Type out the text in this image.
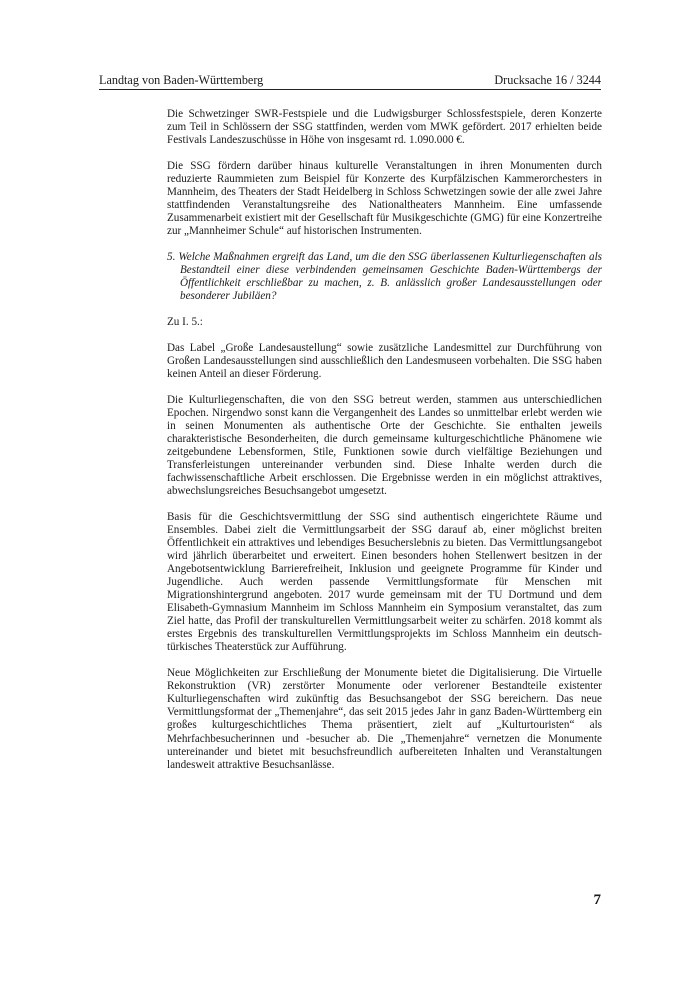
Landtag von Baden-Württemberg	Drucksache 16 / 3244

Die Schwetzinger SWR-Festspiele und die Ludwigsburger Schlossfestspiele, deren Konzerte zum Teil in Schlössern der SSG stattfinden, werden vom MWK gefördert. 2017 erhielten beide Festivals Landeszuschüsse in Höhe von insgesamt rd. 1.090.000 €.

Die SSG fördern darüber hinaus kulturelle Veranstaltungen in ihren Monumenten durch reduzierte Raummieten zum Beispiel für Konzerte des Kurpfälzischen Kammerorchesters in Mannheim, des Theaters der Stadt Heidelberg in Schloss Schwetzingen sowie der alle zwei Jahre stattfindenden Veranstaltungsreihe des Nationaltheaters Mannheim. Eine umfassende Zusammenarbeit existiert mit der Gesellschaft für Musikgeschichte (GMG) für eine Konzertreihe zur „Mannheimer Schule“ auf historischen Instrumenten.

5. Welche Maßnahmen ergreift das Land, um die den SSG überlassenen Kulturliegenschaften als Bestandteil einer diese verbindenden gemeinsamen Geschichte Baden-Württembergs der Öffentlichkeit erschließbar zu machen, z. B. anlässlich großer Landesausstellungen oder besonderer Jubiläen?

Zu I. 5.:

Das Label „Große Landesaustellung“ sowie zusätzliche Landesmittel zur Durchführung von Großen Landesausstellungen sind ausschließlich den Landesmuseen vorbehalten. Die SSG haben keinen Anteil an dieser Förderung.

Die Kulturliegenschaften, die von den SSG betreut werden, stammen aus unterschiedlichen Epochen. Nirgendwo sonst kann die Vergangenheit des Landes so unmittelbar erlebt werden wie in seinen Monumenten als authentische Orte der Geschichte. Sie enthalten jeweils charakteristische Besonderheiten, die durch gemeinsame kulturgeschichtliche Phänomene wie zeitgebundene Lebensformen, Stile, Funktionen sowie durch vielfältige Beziehungen und Transferleistungen untereinander verbunden sind. Diese Inhalte werden durch die fachwissenschaftliche Arbeit erschlossen. Die Ergebnisse werden in ein möglichst attraktives, abwechslungsreiches Besuchsangebot umgesetzt.

Basis für die Geschichtsvermittlung der SSG sind authentisch eingerichtete Räume und Ensembles. Dabei zielt die Vermittlungsarbeit der SSG darauf ab, einer möglichst breiten Öffentlichkeit ein attraktives und lebendiges Besucherslebnis zu bieten. Das Vermittlungsangebot wird jährlich überarbeitet und erweitert. Einen besonders hohen Stellenwert besitzen in der Angebotsentwicklung Barrierefreiheit, Inklusion und geeignete Programme für Kinder und Jugendliche. Auch werden passende Vermittlungsformate für Menschen mit Migrationshintergrund angeboten. 2017 wurde gemeinsam mit der TU Dortmund und dem Elisabeth-Gymnasium Mannheim im Schloss Mannheim ein Symposium veranstaltet, das zum Ziel hatte, das Profil der transkulturellen Vermittlungsarbeit weiter zu schärfen. 2018 kommt als erstes Ergebnis des transkulturellen Vermittlungsprojekts im Schloss Mannheim ein deutsch-türkisches Theaterstück zur Aufführung.

Neue Möglichkeiten zur Erschließung der Monumente bietet die Digitalisierung. Die Virtuelle Rekonstruktion (VR) zerstörter Monumente oder verlorener Bestandteile existenter Kulturliegenschaften wird zukünftig das Besuchsangebot der SSG bereichern. Das neue Vermittlungsformat der „Themenjahre“, das seit 2015 jedes Jahr in ganz Baden-Württemberg ein großes kulturgeschichtliches Thema präsentiert, zielt auf „Kulturtouristen“ als Mehrfachbesucherinnen und -besucher ab. Die „Themenjahre“ vernetzen die Monumente untereinander und bietet mit besuchsfreundlich aufbereiteten Inhalten und Veranstaltungen landesweit attraktive Besuchsanlässe.

7
